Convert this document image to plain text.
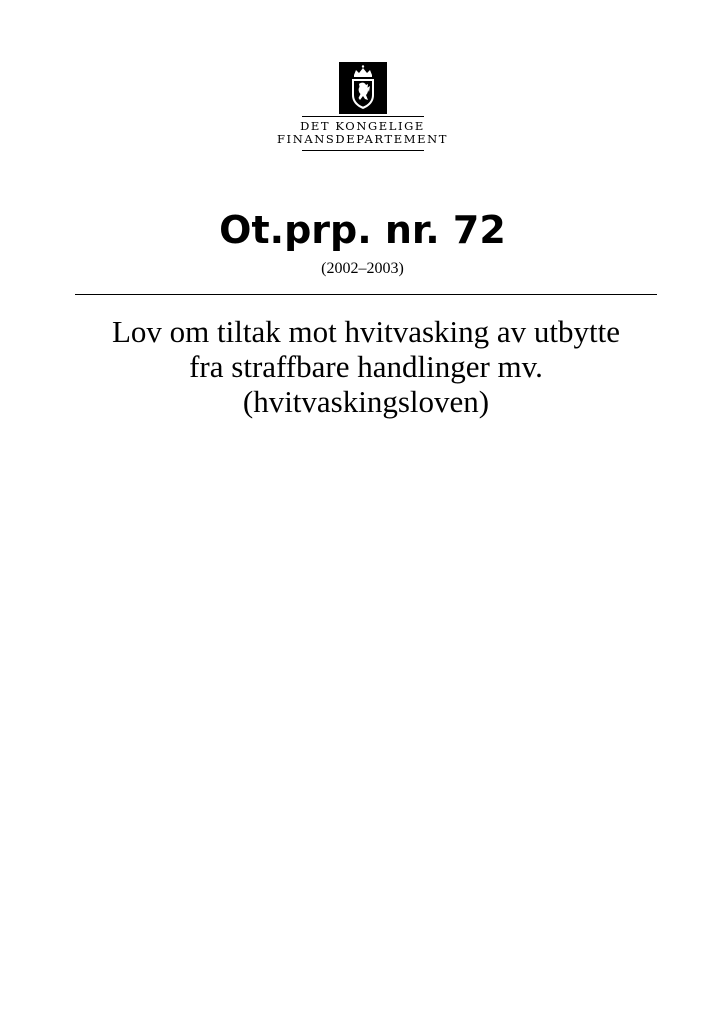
DET KONGELIGE
FINANSDEPARTEMENT
Ot.prp. nr. 72
(2002–2003)
Lov om tiltak mot hvitvasking av utbytte
fra straffbare handlinger mv.
(hvitvaskingsloven)
